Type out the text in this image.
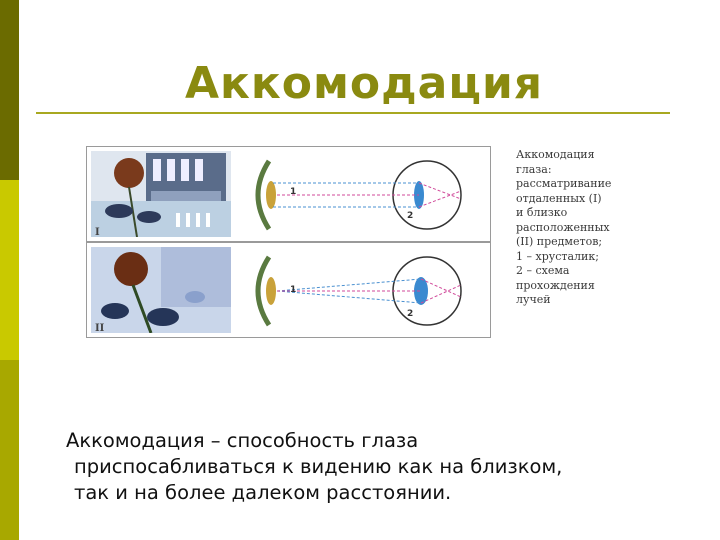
Аккомодация
I
1
2
II
1
2
Аккомодация
глаза:
рассматривание
отдаленных (I)
и близко
расположенных
(II) предметов;
1 – хрусталик;
2 – схема
прохождения
лучей

Аккомодация – способность глаза
приспосабливаться к видению как на близком,
так и на более далеком расстоянии.
